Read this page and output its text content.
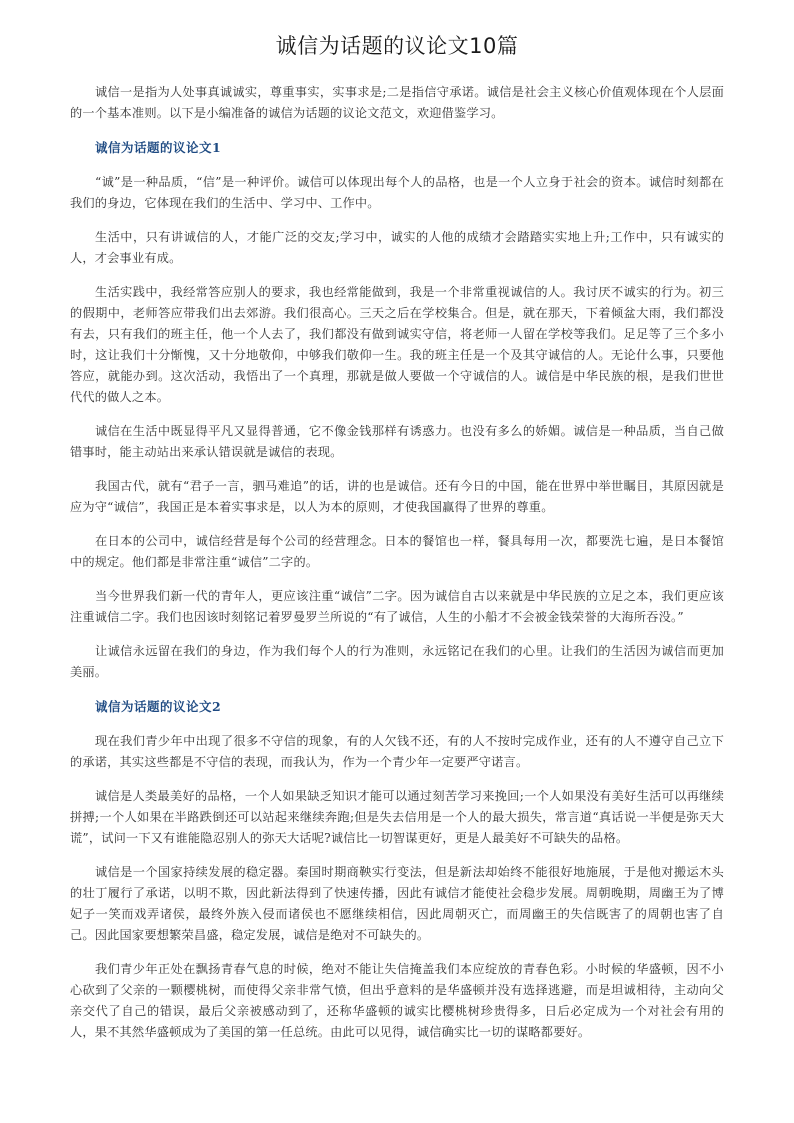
诚信为话题的议论文10篇

诚信一是指为人处事真诚诚实，尊重事实，实事求是;二是指信守承诺。诚信是社会主义核心价值观体现在个人层面的一个基本准则。以下是小编准备的诚信为话题的议论文范文，欢迎借鉴学习。

诚信为话题的议论文1

“诚”是一种品质，“信”是一种评价。诚信可以体现出每个人的品格，也是一个人立身于社会的资本。诚信时刻都在我们的身边，它体现在我们的生活中、学习中、工作中。

生活中，只有讲诚信的人，才能广泛的交友;学习中，诚实的人他的成绩才会踏踏实实地上升;工作中，只有诚实的人，才会事业有成。

生活实践中，我经常答应别人的要求，我也经常能做到，我是一个非常重视诚信的人。我讨厌不诚实的行为。初三的假期中，老师答应带我们出去郊游。我们很高心。三天之后在学校集合。但是，就在那天，下着倾盆大雨，我们都没有去，只有我们的班主任，他一个人去了，我们都没有做到诚实守信，将老师一人留在学校等我们。足足等了三个多小时，这让我们十分惭愧，又十分地敬仰，中够我们敬仰一生。我的班主任是一个及其守诚信的人。无论什么事，只要他答应，就能办到。这次活动，我悟出了一个真理，那就是做人要做一个守诚信的人。诚信是中华民族的根，是我们世世代代的做人之本。

诚信在生活中既显得平凡又显得普通，它不像金钱那样有诱惑力。也没有多么的娇媚。诚信是一种品质，当自己做错事时，能主动站出来承认错误就是诚信的表现。

我国古代，就有“君子一言，驷马难追”的话，讲的也是诚信。还有今日的中国，能在世界中举世瞩目，其原因就是应为守“诚信”，我国正是本着实事求是，以人为本的原则，才使我国赢得了世界的尊重。

在日本的公司中，诚信经营是每个公司的经营理念。日本的餐馆也一样，餐具每用一次，都要洗七遍，是日本餐馆中的规定。他们都是非常注重“诚信”二字的。

当今世界我们新一代的青年人，更应该注重“诚信”二字。因为诚信自古以来就是中华民族的立足之本，我们更应该注重诚信二字。我们也因该时刻铭记着罗曼罗兰所说的“有了诚信，人生的小船才不会被金钱荣誉的大海所吞没。”

让诚信永远留在我们的身边，作为我们每个人的行为准则，永远铭记在我们的心里。让我们的生活因为诚信而更加美丽。

诚信为话题的议论文2

现在我们青少年中出现了很多不守信的现象，有的人欠钱不还，有的人不按时完成作业，还有的人不遵守自己立下的承诺，其实这些都是不守信的表现，而我认为，作为一个青少年一定要严守诺言。

诚信是人类最美好的品格，一个人如果缺乏知识才能可以通过刻苦学习来挽回;一个人如果没有美好生活可以再继续拼搏;一个人如果在半路跌倒还可以站起来继续奔跑;但是失去信用是一个人的最大损失，常言道“真话说一半便是弥天大谎”，试问一下又有谁能隐忍别人的弥天大话呢?诚信比一切智谋更好，更是人最美好不可缺失的品格。

诚信是一个国家持续发展的稳定器。秦国时期商鞅实行变法，但是新法却始终不能很好地施展，于是他对搬运木头的壮丁履行了承诺，以明不欺，因此新法得到了快速传播，因此有诚信才能使社会稳步发展。周朝晚期，周幽王为了博妃子一笑而戏弄诸侯，最终外族入侵而诸侯也不愿继续相信，因此周朝灭亡，而周幽王的失信既害了的周朝也害了自己。因此国家要想繁荣昌盛，稳定发展，诚信是绝对不可缺失的。

我们青少年正处在飘扬青春气息的时候，绝对不能让失信掩盖我们本应绽放的青春色彩。小时候的华盛顿，因不小心砍到了父亲的一颗樱桃树，而使得父亲非常气愤，但出乎意料的是华盛顿并没有选择逃避，而是坦诚相待，主动向父亲交代了自己的错误，最后父亲被感动到了，还称华盛顿的诚实比樱桃树珍贵得多，日后必定成为一个对社会有用的人，果不其然华盛顿成为了美国的第一任总统。由此可以见得，诚信确实比一切的谋略都要好。
